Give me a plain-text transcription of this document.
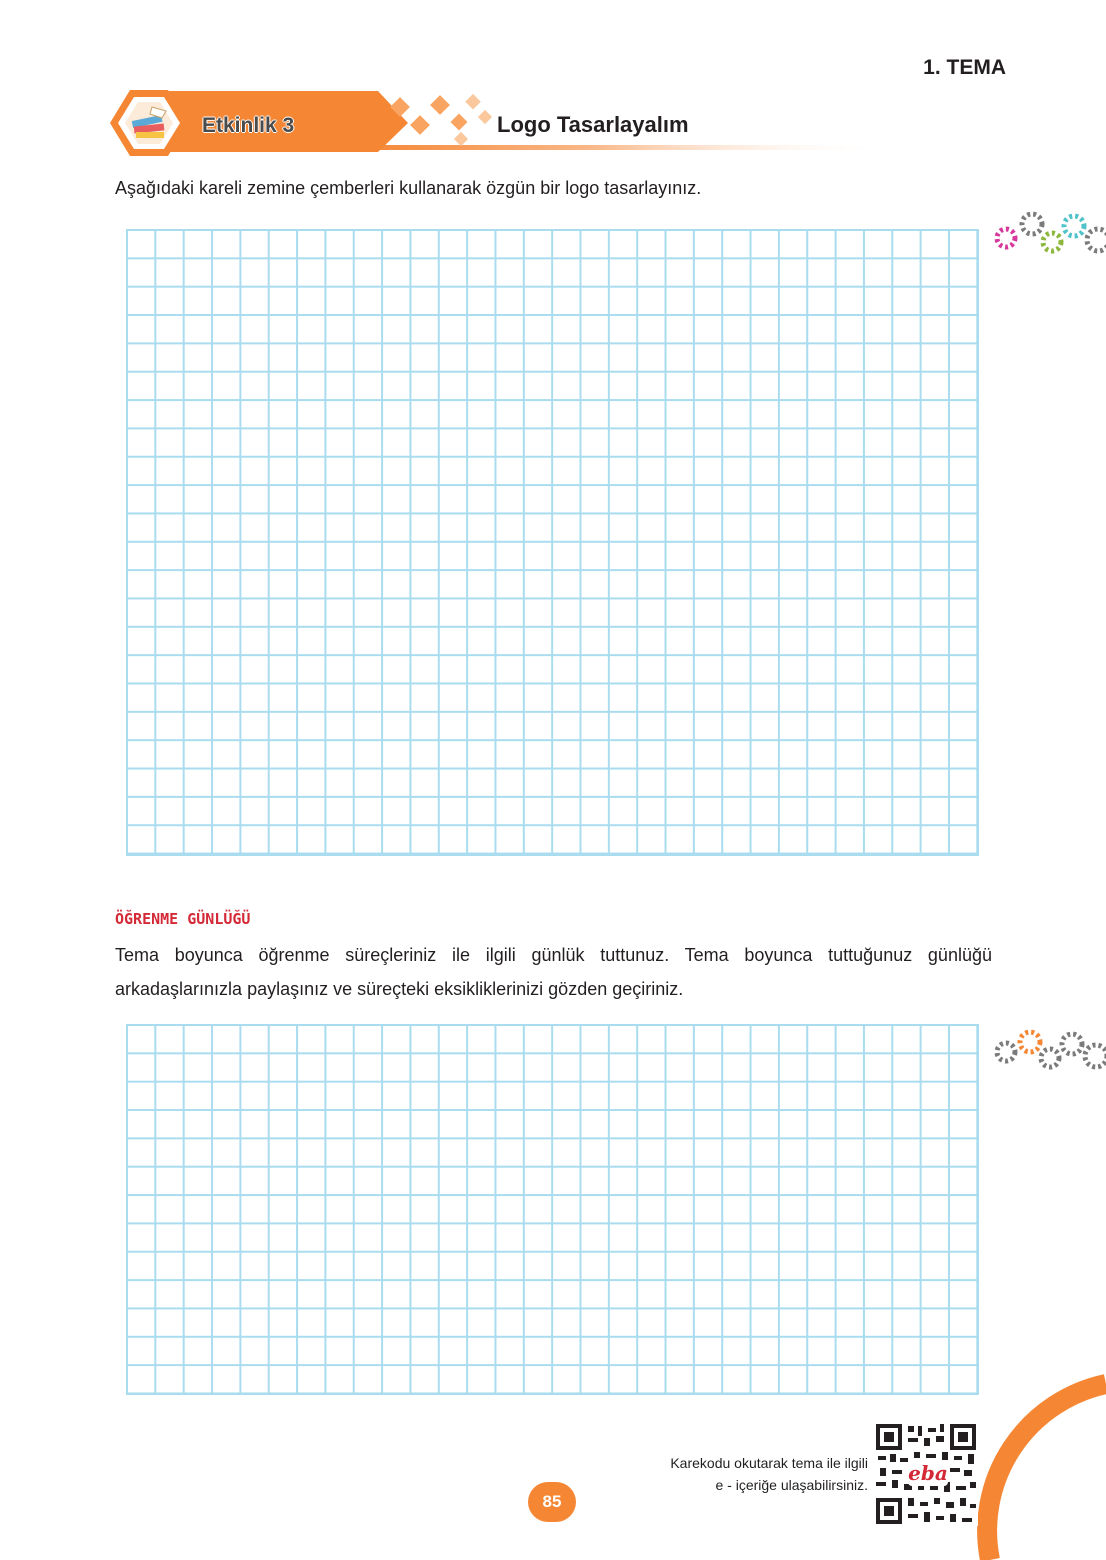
1. TEMA
Etkinlik 3	Logo Tasarlayalım
Aşağıdaki kareli zemine çemberleri kullanarak özgün bir logo tasarlayınız.
ÖĞRENME GÜNLÜĞÜ
Tema boyunca öğrenme süreçleriniz ile ilgili günlük tuttunuz. Tema boyunca tuttuğunuz günlüğü arkadaşlarınızla paylaşınız ve süreçteki eksikliklerinizi gözden geçiriniz.
Karekodu okutarak tema ile ilgili
e - içeriğe ulaşabilirsiniz. eba
85
